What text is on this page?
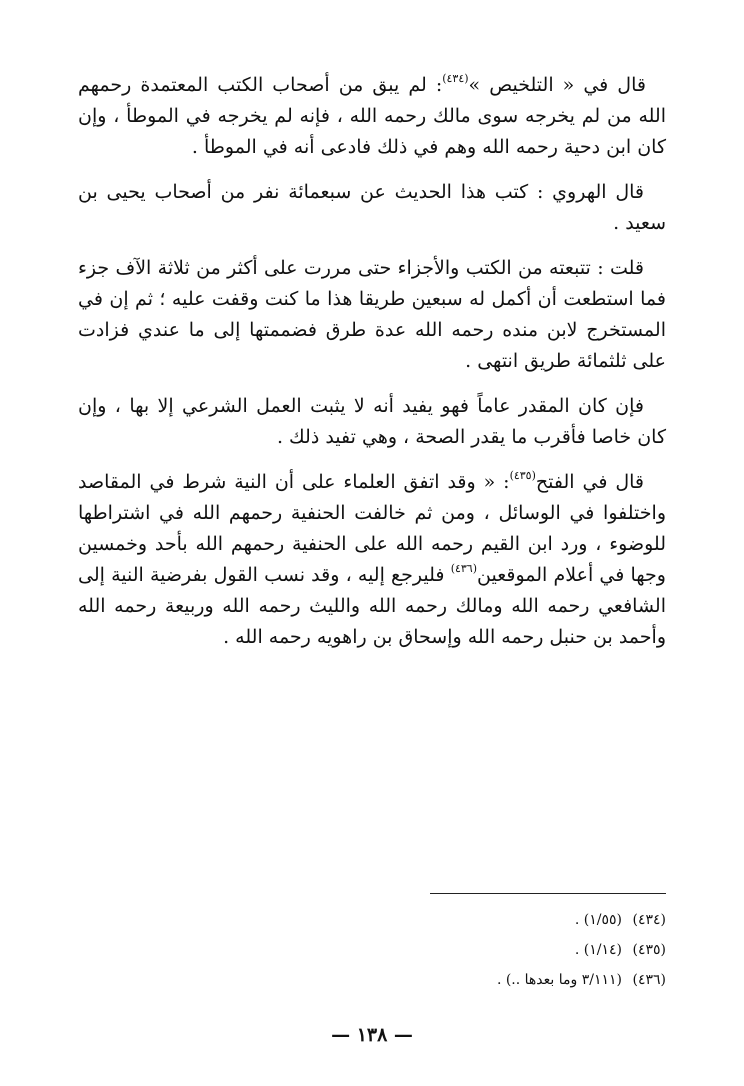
قال في « التلخيص »$^{(٤٣٤)}$: لم يبق من أصحاب الكتب المعتمدة رحمهم الله من لم يخرجه سوى مالك رحمه الله ، فإنه لم يخرجه في الموطأ ، وإن كان ابن دحية رحمه الله وهم في ذلك فادعى أنه في الموطأ .

قال الهروي : كتب هذا الحديث عن سبعمائة نفر من أصحاب يحيى بن سعيد .

قلت : تتبعته من الكتب والأجزاء حتى مررت على أكثر من ثلاثة الآف جزء فما استطعت أن أكمل له سبعين طريقا هذا ما كنت وقفت عليه ؛ ثم إن في المستخرج لابن منده رحمه الله عدة طرق فضممتها إلى ما عندي فزادت على ثلثمائة طريق انتهى .

فإن كان المقدر عاماً فهو يفيد أنه لا يثبت العمل الشرعي إلا بها ، وإن كان خاصا فأقرب ما يقدر الصحة ، وهي تفيد ذلك .

قال في الفتح$^{(٤٣٥)}$: « وقد اتفق العلماء على أن النية شرط في المقاصد واختلفوا في الوسائل ، ومن ثم خالفت الحنفية رحمهم الله في اشتراطها للوضوء ، ورد ابن القيم رحمه الله على الحنفية رحمهم الله بأحد وخمسين وجها في أعلام الموقعين$^{(٤٣٦)}$ فليرجع إليه ، وقد نسب القول بفرضية النية إلى الشافعي رحمه الله ومالك رحمه الله والليث رحمه الله وربيعة رحمه الله وأحمد بن حنبل رحمه الله وإسحاق بن راهويه رحمه الله .

(٤٣٤)(١/٥٥) .

(٤٣٥)(١/١٤) .

(٤٣٦)(٣/١١١ وما بعدها ..) .

— ١٣٨ —
